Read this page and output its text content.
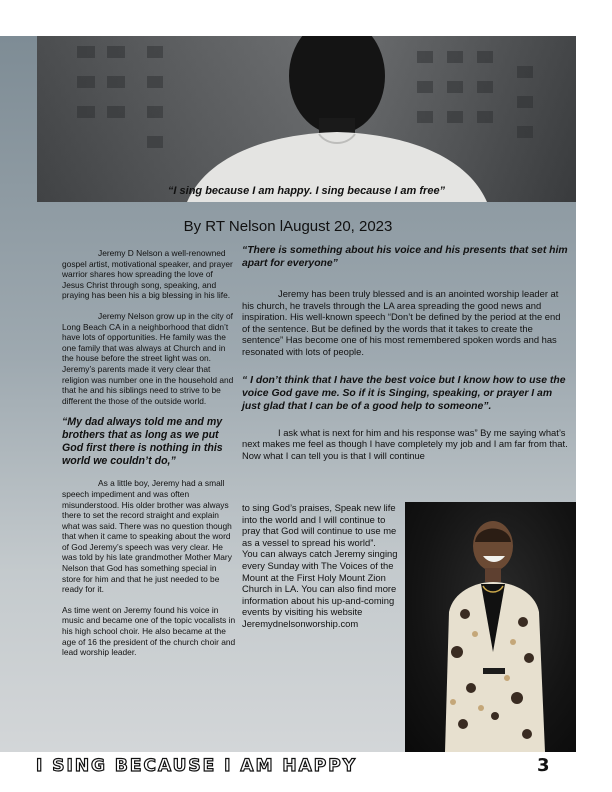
“I sing because I am happy. I sing because I am free”
By RT Nelson lAugust 20, 2023

Jeremy D Nelson a well-renowned gospel artist, motivational speaker, and prayer warrior shares how spreading the love of Jesus Christ through song, speaking, and praying has been his a big blessing in his life.

Jeremy Nelson grow up in the city of Long Beach CA in a neighborhood that didn’t have lots of opportunities. He family was the one family that was always at Church and in the house before the street light was on. Jeremy’s parents made it very clear that religion was number one in the household and that he and his siblings need to strive to be different the those of the outside world.

“My dad always told me and my brothers that as long as we put God first there is nothing in this world we couldn’t do,”

As a little boy, Jeremy had a small speech impediment and was often misunderstood. His older brother was always there to set the record straight and explain what was said. There was no question though that when it came to speaking about the word of God Jeremy’s speech was very clear. He was told by his late grandmother Mother Mary Nelson that God has something special in store for him and that he just needed to be ready for it.

As time went on Jeremy found his voice in music and became one of the topic vocalists in his high school choir. He also became at the age of 16 the president of the church choir and lead worship leader.

“There is something about his voice and his presents that set him apart for everyone”

Jeremy has been truly blessed and is an anointed worship leader at his church, he travels through the LA area spreading the good news and inspiration. His well-known speech “Don’t be defined by the period at the end of the sentence. But be defined by the words that it takes to create the sentence” Has become one of his most remembered spoken words and has resonated with lots of people.

“ I don’t think that I have the best voice but I know how to use the voice God gave me. So if it is Singing, speaking, or prayer I am just glad that I can be of a good help to someone”.

I ask what is next for him and his response was” By me saying what’s next makes me feel as though I have completely my job and I am far from that. Now what I can tell you is that I will continue

to sing God’s praises, Speak new life into the world and I will continue to pray that God will continue to use me as a vessel to spread his world”.

You can always catch Jeremy singing every Sunday with The Voices of the Mount at the First Holy Mount Zion Church in LA. You can also find more information about his up-and-coming events by visiting his website Jeremydnelsonworship.com

I SING BECAUSE I AM HAPPY	3
